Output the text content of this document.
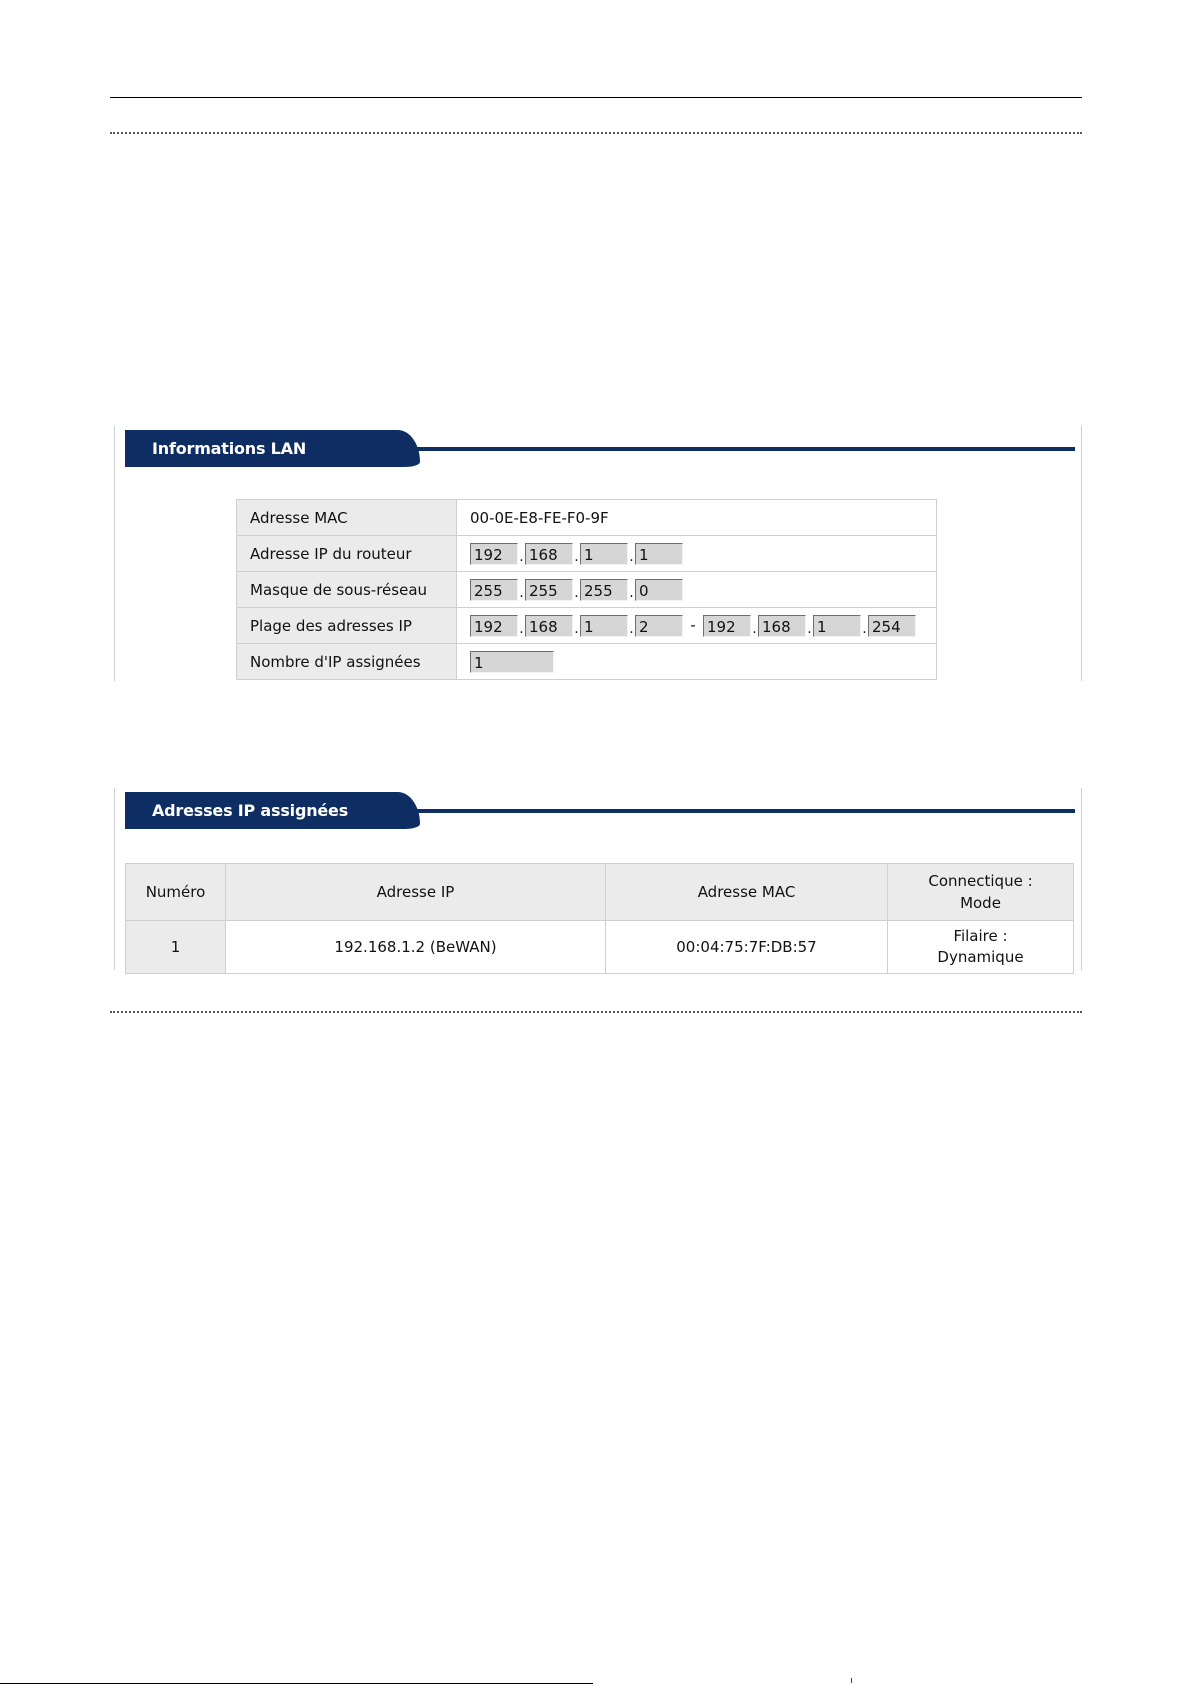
Informations LAN
Adresse MAC	00-0E-E8-FE-F0-9F
Adresse IP du routeur	192 . 168 . 1 . 1
Masque de sous-réseau	255 . 255 . 255 . 0
Plage des adresses IP	192 . 168 . 1 . 2 - 192 . 168 . 1 . 254
Nombre d'IP assignées	1
Adresses IP assignées
Numéro	Adresse IP	Adresse MAC	Connectique :
Mode
1	192.168.1.2 (BeWAN)	00:04:75:7F:DB:57	Filaire :
Dynamique
